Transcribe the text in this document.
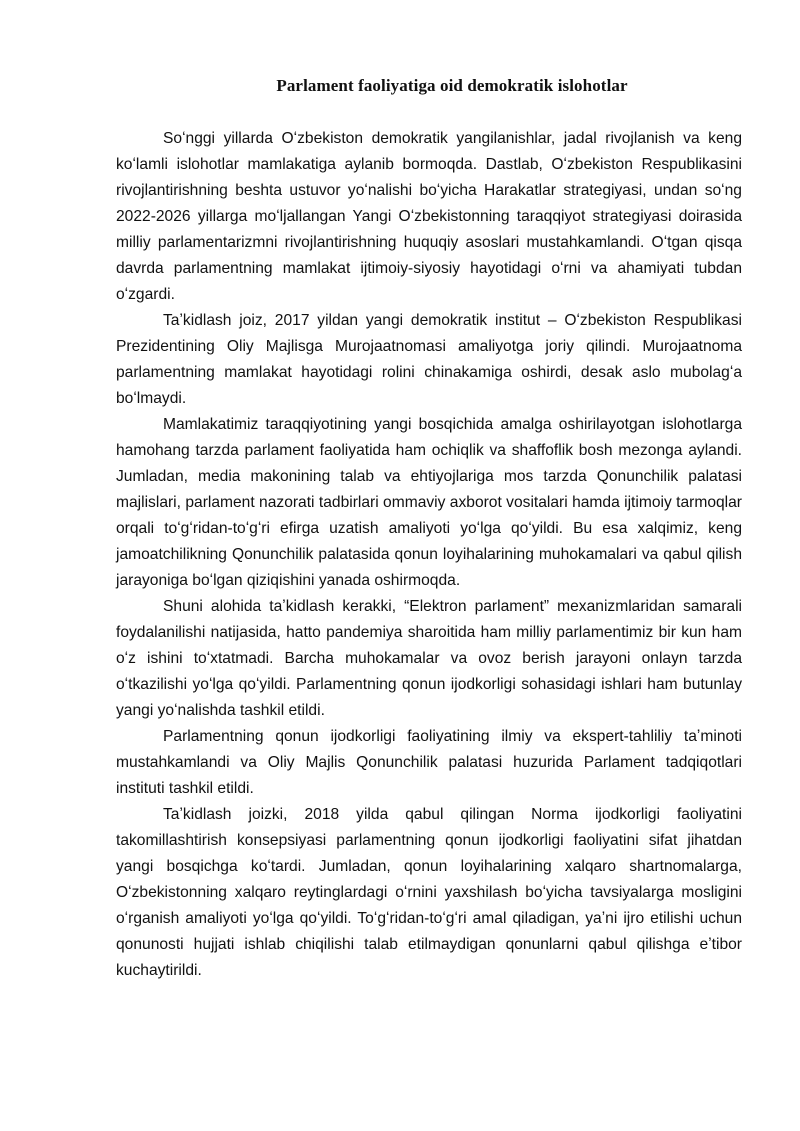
Parlament faoliyatiga oid demokratik islohotlar

Soʻnggi yillarda Oʻzbekiston demokratik yangilanishlar, jadal rivojlanish va keng koʻlamli islohotlar mamlakatiga aylanib bormoqda. Dastlab, Oʻzbekiston Respublikasini rivojlantirishning beshta ustuvor yoʻnalishi boʻyicha Harakatlar strategiyasi, undan soʻng 2022-2026 yillarga moʻljallangan Yangi Oʻzbekistonning taraqqiyot strategiyasi doirasida milliy parlamentarizmni rivojlantirishning huquqiy asoslari mustahkamlandi. Oʻtgan qisqa davrda parlamentning mamlakat ijtimoiy-siyosiy hayotidagi oʻrni va ahamiyati tubdan oʻzgardi.

Taʼkidlash joiz, 2017 yildan yangi demokratik institut – Oʻzbekiston Respublikasi Prezidentining Oliy Majlisga Murojaatnomasi amaliyotga joriy qilindi. Murojaatnoma parlamentning mamlakat hayotidagi rolini chinakamiga oshirdi, desak aslo mubolagʻa boʻlmaydi.

Mamlakatimiz taraqqiyotining yangi bosqichida amalga oshirilayotgan islohotlarga hamohang tarzda parlament faoliyatida ham ochiqlik va shaffoflik bosh mezonga aylandi. Jumladan, media makonining talab va ehtiyojlariga mos tarzda Qonunchilik palatasi majlislari, parlament nazorati tadbirlari ommaviy axborot vositalari hamda ijtimoiy tarmoqlar orqali toʻgʻridan-toʻgʻri efirga uzatish amaliyoti yoʻlga qoʻyildi. Bu esa xalqimiz, keng jamoatchilikning Qonunchilik palatasida qonun loyihalarining muhokamalari va qabul qilish jarayoniga boʻlgan qiziqishini yanada oshirmoqda.

Shuni alohida taʼkidlash kerakki, “Elektron parlament” mexanizmlaridan samarali foydalanilishi natijasida, hatto pandemiya sharoitida ham milliy parlamentimiz bir kun ham oʻz ishini toʻxtatmadi. Barcha muhokamalar va ovoz berish jarayoni onlayn tarzda oʻtkazilishi yoʻlga qoʻyildi. Parlamentning qonun ijodkorligi sohasidagi ishlari ham butunlay yangi yoʻnalishda tashkil etildi.

Parlamentning qonun ijodkorligi faoliyatining ilmiy va ekspert-tahliliy taʼminoti mustahkamlandi va Oliy Majlis Qonunchilik palatasi huzurida Parlament tadqiqotlari instituti tashkil etildi.

Taʼkidlash joizki, 2018 yilda qabul qilingan Norma ijodkorligi faoliyatini takomillashtirish konsepsiyasi parlamentning qonun ijodkorligi faoliyatini sifat jihatdan yangi bosqichga koʻtardi. Jumladan, qonun loyihalarining xalqaro shartnomalarga, Oʻzbekistonning xalqaro reytinglardagi oʻrnini yaxshilash boʻyicha tavsiyalarga mosligini oʻrganish amaliyoti yoʻlga qoʻyildi. Toʻgʻridan-toʻgʻri amal qiladigan, yaʼni ijro etilishi uchun qonunosti hujjati ishlab chiqilishi talab etilmaydigan qonunlarni qabul qilishga eʼtibor kuchaytirildi.
